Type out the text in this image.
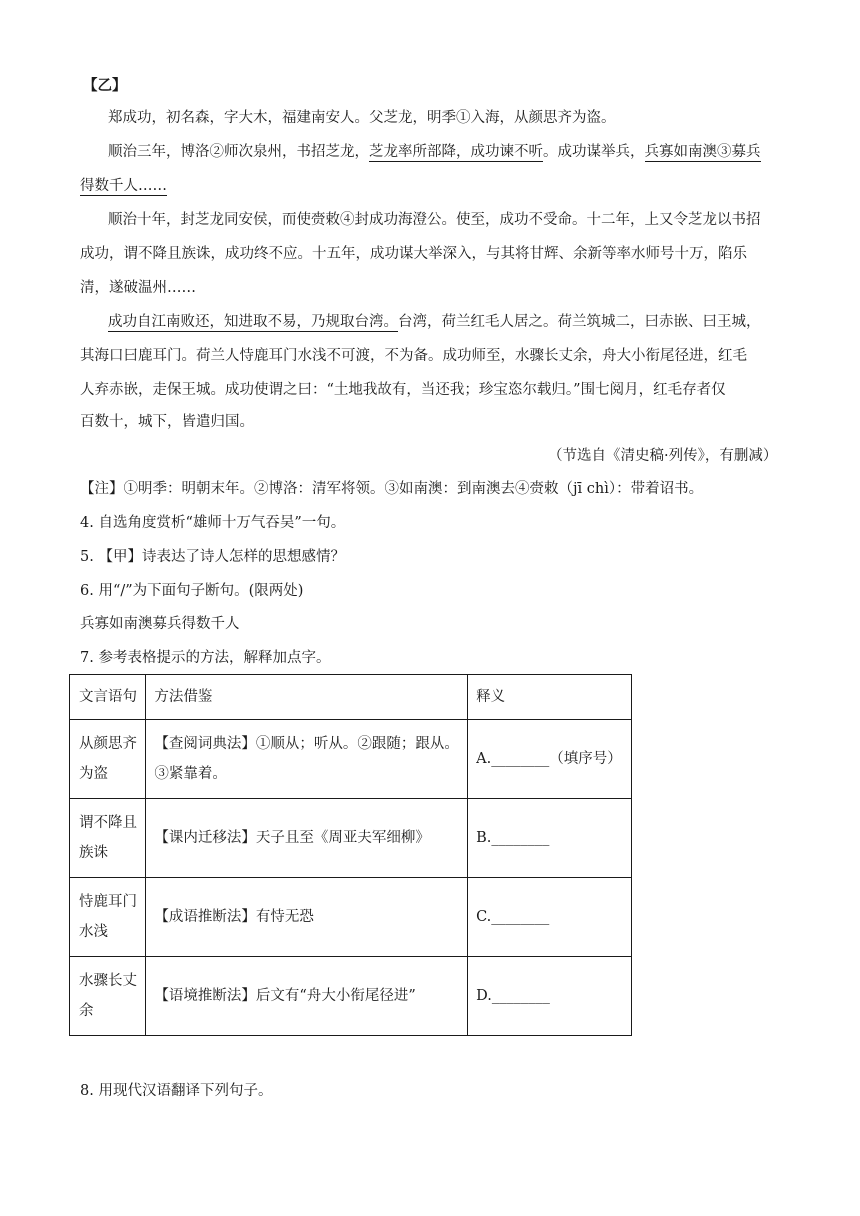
【乙】
郑成功，初名森，字大木，福建南安人。父芝龙，明季①入海，从颜思齐为盗。
顺治三年，博洛②师次泉州，书招芝龙，芝龙率所部降，成功谏不听。成功谋举兵，兵寡如南澳③募兵
得数千人……
顺治十年，封芝龙同安侯，而使赍敕④封成功海澄公。使至，成功不受命。十二年，上又令芝龙以书招
成功，谓不降且族诛，成功终不应。十五年，成功谋大举深入，与其将甘辉、余新等率水师号十万，陷乐
清，遂破温州……
成功自江南败还，知进取不易，乃规取台湾。台湾，荷兰红毛人居之。荷兰筑城二，曰赤嵌、曰王城，
其海口曰鹿耳门。荷兰人恃鹿耳门水浅不可渡，不为备。成功师至，水骤长丈余，舟大小衔尾径进，红毛
人弃赤嵌，走保王城。成功使谓之曰：“土地我故有，当还我；珍宝恣尔载归。”围七阅月，红毛存者仅
百数十，城下，皆遣归国。
（节选自《清史稿·列传》，有删减）
【注】①明季：明朝末年。②博洛：清军将领。③如南澳：到南澳去④赍敕（jī chì）：带着诏书。
4. 自选角度赏析“雄师十万气吞吴”一句。
5. 【甲】诗表达了诗人怎样的思想感情？
6. 用“/”为下面句子断句。(限两处)
兵寡如南澳募兵得数千人
7. 参考表格提示的方法，解释加点字。
文言语句	方法借鉴	释义
从颜思齐
为盗	【查阅词典法】①顺从；听从。②跟随；跟从。
③紧靠着。	A.________（填序号）
谓不降且
族诛	【课内迁移法】天子且至《周亚夫军细柳》	B.________
恃鹿耳门
水浅	【成语推断法】有恃无恐	C.________
水骤长丈
余	【语境推断法】后文有“舟大小衔尾径进”	D.________
8. 用现代汉语翻译下列句子。
